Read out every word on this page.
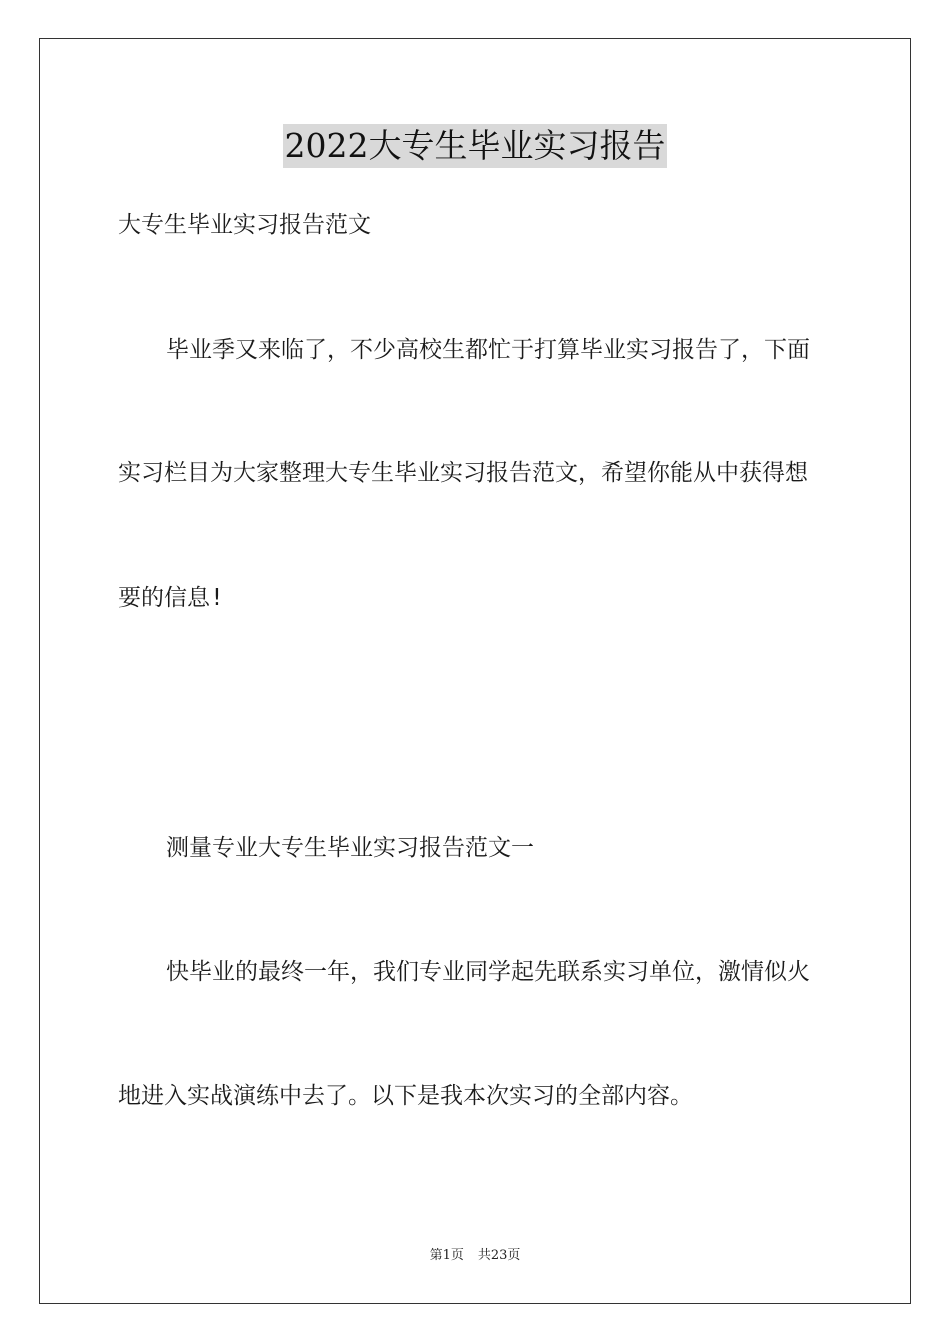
2022大专生毕业实习报告
大专生毕业实习报告范文
毕业季又来临了，不少高校生都忙于打算毕业实习报告了，下面
实习栏目为大家整理大专生毕业实习报告范文，希望你能从中获得想
要的信息!
测量专业大专生毕业实习报告范文一
快毕业的最终一年，我们专业同学起先联系实习单位，激情似火
地进入实战演练中去了。以下是我本次实习的全部内容。
第1页 共23页
